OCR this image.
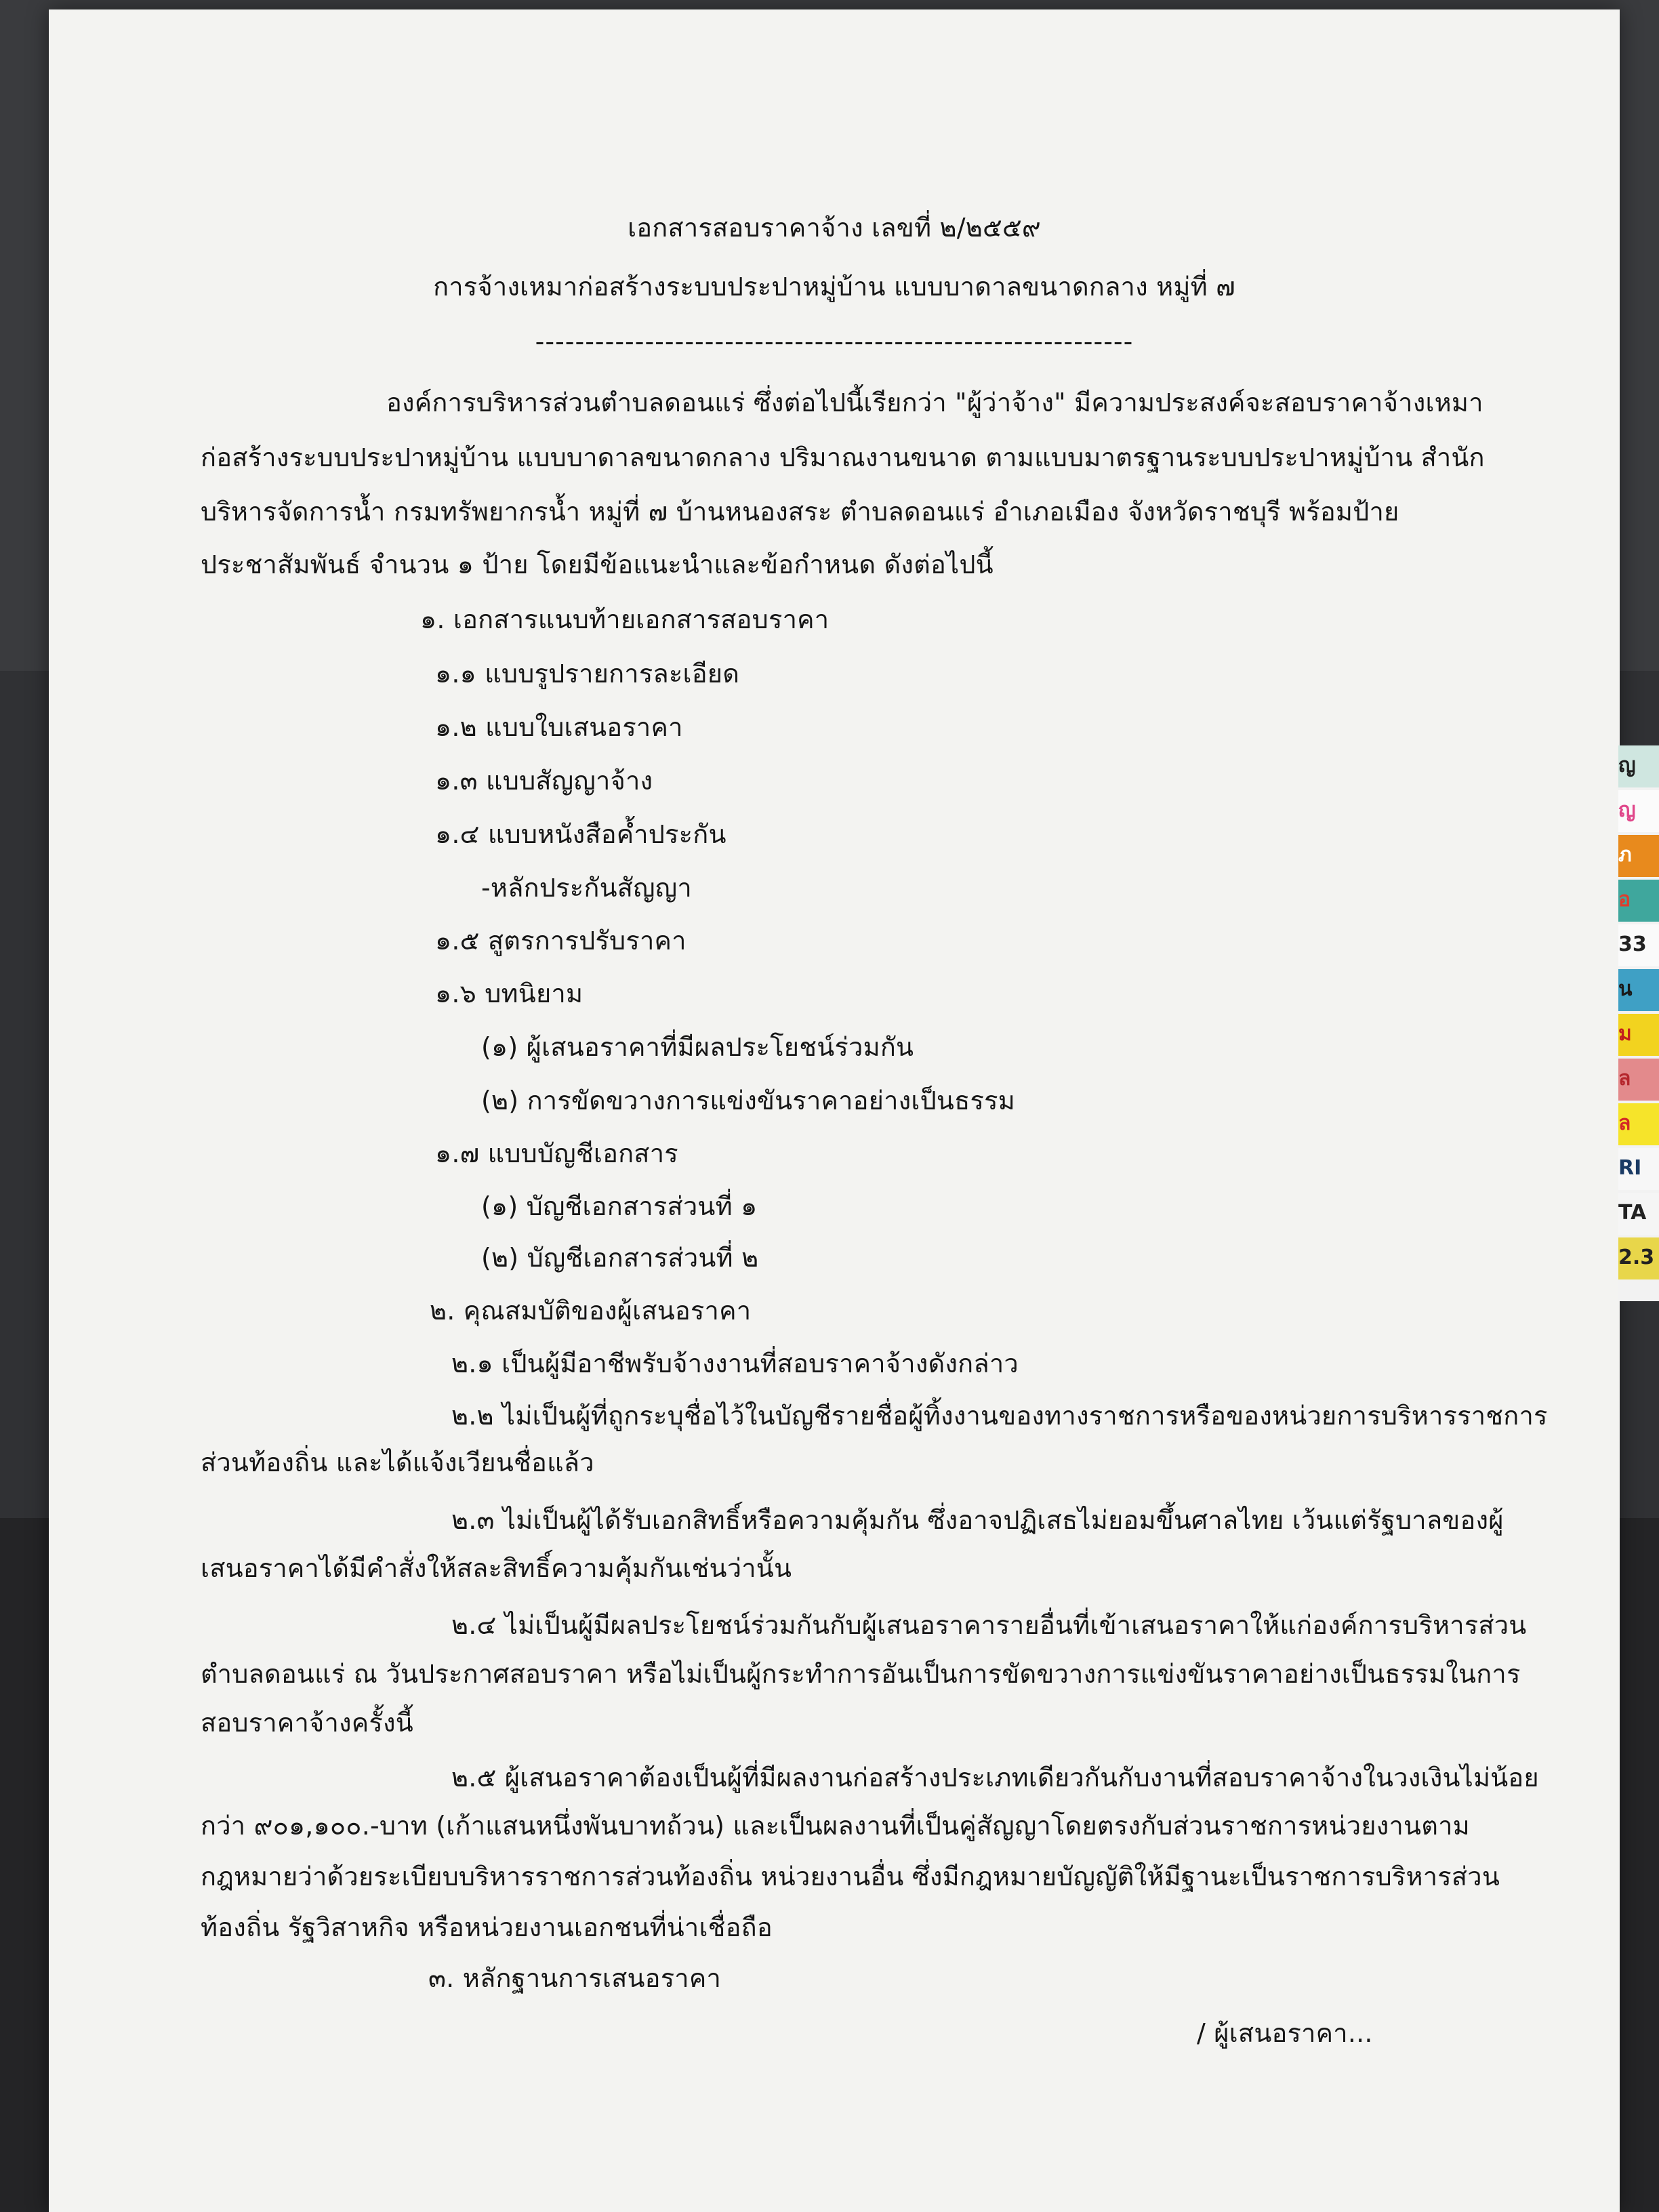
เอกสารสอบราคาจ้าง เลขที่ ๒/๒๕๕๙
การจ้างเหมาก่อสร้างระบบประปาหมู่บ้าน แบบบาดาลขนาดกลาง หมู่ที่ ๗
------------------------------------------------------------
องค์การบริหารส่วนตำบลดอนแร่ ซึ่งต่อไปนี้เรียกว่า "ผู้ว่าจ้าง" มีความประสงค์จะสอบราคาจ้างเหมา
ก่อสร้างระบบประปาหมู่บ้าน แบบบาดาลขนาดกลาง ปริมาณงานขนาด ตามแบบมาตรฐานระบบประปาหมู่บ้าน สำนัก
บริหารจัดการน้ำ กรมทรัพยากรน้ำ หมู่ที่ ๗ บ้านหนองสระ ตำบลดอนแร่ อำเภอเมือง จังหวัดราชบุรี พร้อมป้าย
ประชาสัมพันธ์ จำนวน ๑ ป้าย โดยมีข้อแนะนำและข้อกำหนด ดังต่อไปนี้
๑. เอกสารแนบท้ายเอกสารสอบราคา
๑.๑ แบบรูปรายการละเอียด
๑.๒ แบบใบเสนอราคา
๑.๓ แบบสัญญาจ้าง
๑.๔ แบบหนังสือค้ำประกัน
-หลักประกันสัญญา
๑.๕ สูตรการปรับราคา
๑.๖ บทนิยาม
(๑) ผู้เสนอราคาที่มีผลประโยชน์ร่วมกัน
(๒) การขัดขวางการแข่งขันราคาอย่างเป็นธรรม
๑.๗ แบบบัญชีเอกสาร
(๑) บัญชีเอกสารส่วนที่ ๑
(๒) บัญชีเอกสารส่วนที่ ๒
๒. คุณสมบัติของผู้เสนอราคา
๒.๑ เป็นผู้มีอาชีพรับจ้างงานที่สอบราคาจ้างดังกล่าว
๒.๒ ไม่เป็นผู้ที่ถูกระบุชื่อไว้ในบัญชีรายชื่อผู้ทิ้งงานของทางราชการหรือของหน่วยการบริหารราชการ
ส่วนท้องถิ่น และได้แจ้งเวียนชื่อแล้ว
๒.๓ ไม่เป็นผู้ได้รับเอกสิทธิ์หรือความคุ้มกัน ซึ่งอาจปฏิเสธไม่ยอมขึ้นศาลไทย เว้นแต่รัฐบาลของผู้
เสนอราคาได้มีคำสั่งให้สละสิทธิ์ความคุ้มกันเช่นว่านั้น
๒.๔ ไม่เป็นผู้มีผลประโยชน์ร่วมกันกับผู้เสนอราคารายอื่นที่เข้าเสนอราคาให้แก่องค์การบริหารส่วน
ตำบลดอนแร่ ณ วันประกาศสอบราคา หรือไม่เป็นผู้กระทำการอันเป็นการขัดขวางการแข่งขันราคาอย่างเป็นธรรมในการ
สอบราคาจ้างครั้งนี้
๒.๕ ผู้เสนอราคาต้องเป็นผู้ที่มีผลงานก่อสร้างประเภทเดียวกันกับงานที่สอบราคาจ้างในวงเงินไม่น้อย
กว่า ๙๐๑,๑๐๐.-บาท (เก้าแสนหนึ่งพันบาทถ้วน) และเป็นผลงานที่เป็นคู่สัญญาโดยตรงกับส่วนราชการหน่วยงานตาม
กฎหมายว่าด้วยระเบียบบริหารราชการส่วนท้องถิ่น หน่วยงานอื่น ซึ่งมีกฎหมายบัญญัติให้มีฐานะเป็นราชการบริหารส่วน
ท้องถิ่น รัฐวิสาหกิจ หรือหน่วยงานเอกชนที่น่าเชื่อถือ
๓. หลักฐานการเสนอราคา
/ ผู้เสนอราคา...
ญ
ญ
ภ
อ
33
น
ม
ล
ล
RI
TA
2.3
